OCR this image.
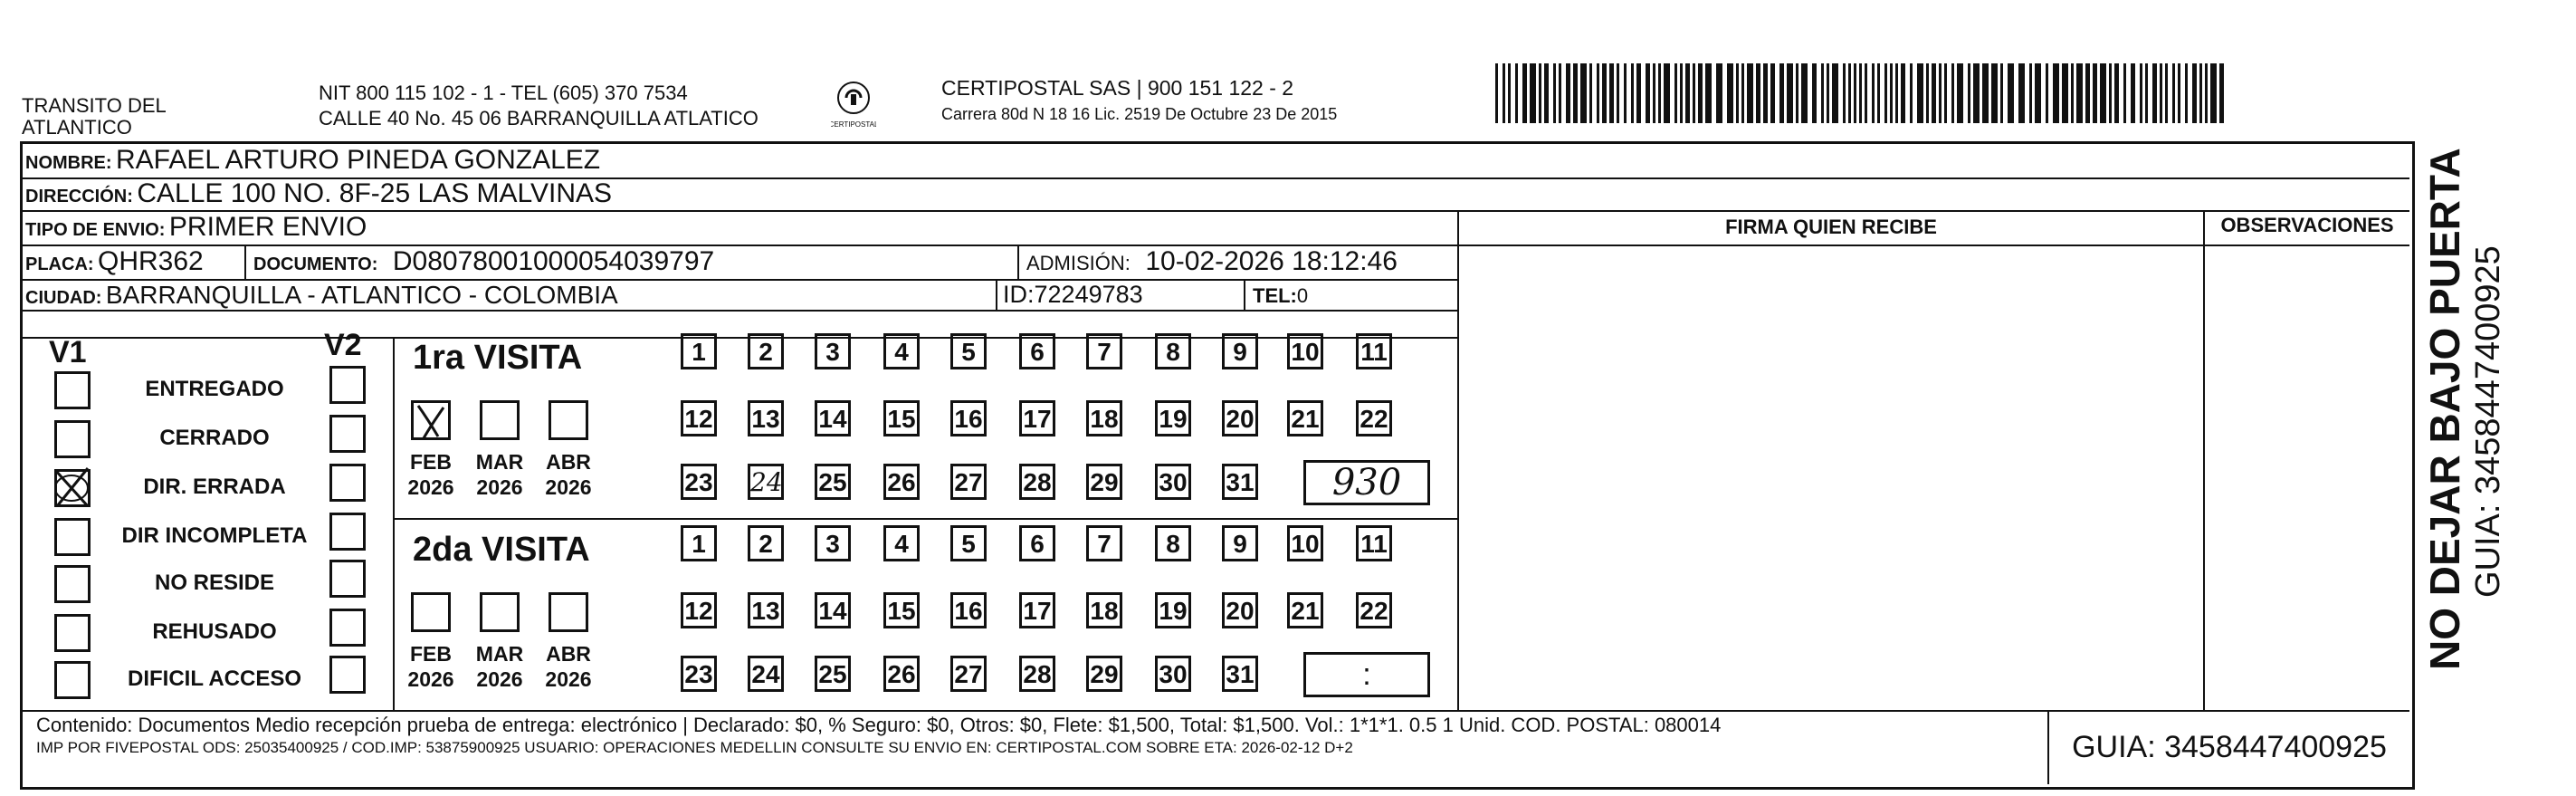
TRANSITO DEL
ATLANTICO
NIT 800 115 102 - 1 - TEL (605) 370 7534
CALLE 40 No. 45 06 BARRANQUILLA ATLATICO	CERTIPOSTAL
CERTIPOSTAL SAS | 900 151 122 - 2
Carrera 80d N 18 16 Lic. 2519 De Octubre 23 De 2015
NOMBRE: RAFAEL ARTURO PINEDA GONZALEZ
DIRECCIÓN: CALLE 100 NO. 8F-25 LAS MALVINAS
TIPO DE ENVIO: PRIMER ENVIO	FIRMA QUIEN RECIBE	OBSERVACIONES
PLACA: QHR362	DOCUMENTO: D08078001000054039797	ADMISIÓN: 10-02-2026 18:12:46
CIUDAD: BARRANQUILLA - ATLANTICO - COLOMBIA	ID:72249783	TEL:0
V1	V2
ENTREGADO
CERRADO
DIR. ERRADA
DIR INCOMPLETA
NO RESIDE
REHUSADO
DIFICIL ACCESO
1ra VISITA
FEB
2026
MAR
2026
ABR
2026
1	2	3	4	5	6	7	8	9	10 11
12 13 14 15 16 17 18 19 20 21 22
23 24 25 26 27 28 29 30 31	930
2da VISITA
FEB
2026
MAR
2026
ABR
2026
1	2	3	4	5	6	7	8	9	10 11
12 13 14 15 16 17 18 19 20 21 22
23 24 25 26 27 28 29 30 31	:
Contenido: Documentos Medio recepción prueba de entrega: electrónico | Declarado: $0, % Seguro: $0, Otros: $0, Flete: $1,500, Total: $1,500. Vol.: 1*1*1. 0.5 1 Unid. COD. POSTAL: 080014
IMP POR FIVEPOSTAL ODS: 25035400925 / COD.IMP: 53875900925 USUARIO: OPERACIONES MEDELLIN CONSULTE SU ENVIO EN: CERTIPOSTAL.COM SOBRE ETA: 2026-02-12 D+2	GUIA: 3458447400925
NO DEJAR BAJO PUERTA GUIA: 3458447400925
